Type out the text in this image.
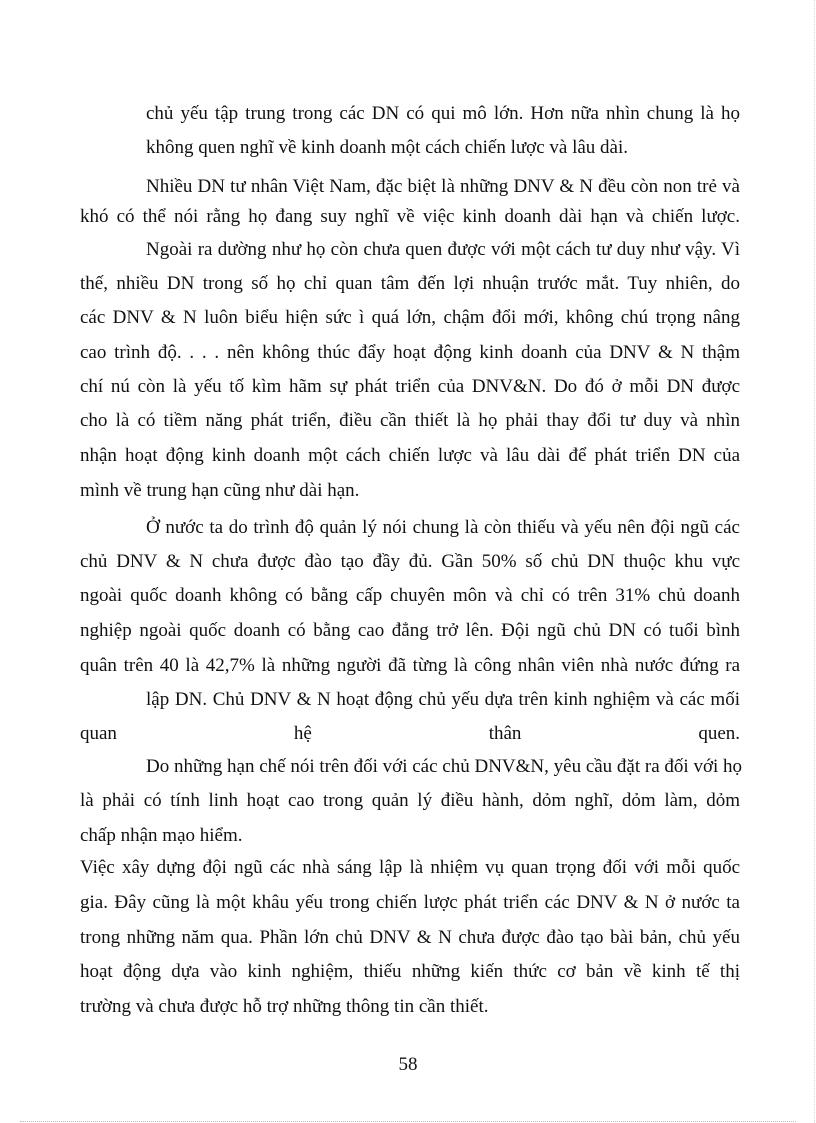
chủ yếu tập trung trong các DN có qui mô lớn. Hơn nữa nhìn chung là họ
không quen nghĩ về kinh doanh một cách chiến lược và lâu dài.
Nhiều DN tư nhân Việt Nam, đặc biệt là những DNV & N đều còn non trẻ và
khó có thể nói rằng họ đang suy nghĩ về việc kinh doanh dài hạn và chiến lược.
Ngoài ra dường như họ còn chưa quen được với một cách tư duy như vậy. Vì
thế, nhiều DN trong số họ chỉ quan tâm đến lợi nhuận trước mắt. Tuy nhiên, do
các DNV & N luôn biểu hiện sức ì quá lớn, chậm đổi mới, không chú trọng nâng
cao trình độ. . . . nên không thúc đẩy hoạt động kinh doanh của DNV & N thậm
chí nú còn là yếu tố kìm hãm sự phát triển của DNV&N. Do đó ở mỗi DN được
cho là có tiềm năng phát triển, điều cần thiết là họ phải thay đổi tư duy và nhìn
nhận hoạt động kinh doanh một cách chiến lược và lâu dài để phát triển DN của
mình về trung hạn cũng như dài hạn.
Ở nước ta do trình độ quản lý nói chung là còn thiếu và yếu nên đội ngũ các
chủ DNV & N chưa được đào tạo đầy đủ. Gần 50% số chủ DN thuộc khu vực
ngoài quốc doanh không có bằng cấp chuyên môn và chỉ có trên 31% chủ doanh
nghiệp ngoài quốc doanh có bằng cao đẳng trở lên. Đội ngũ chủ DN có tuổi bình
quân trên 40 là 42,7% là những người đã từng là công nhân viên nhà nước đứng ra
lập DN. Chủ DNV & N hoạt động chủ yếu dựa trên kinh nghiệm và các mối
quan hệ thân quen.
Do những hạn chế nói trên đối với các chủ DNV&N, yêu cầu đặt ra đối với họ
là phải có tính linh hoạt cao trong quản lý điều hành, dỏm nghĩ, dỏm làm, dỏm
chấp nhận mạo hiểm.
Việc xây dựng đội ngũ các nhà sáng lập là nhiệm vụ quan trọng đối với mỗi quốc
gia. Đây cũng là một khâu yếu trong chiến lược phát triển các DNV & N ở nước ta
trong những năm qua. Phần lớn chủ DNV & N chưa được đào tạo bài bản, chủ yếu
hoạt động dựa vào kinh nghiệm, thiếu những kiến thức cơ bản về kinh tế thị
trường và chưa được hỗ trợ những thông tin cần thiết.
58
